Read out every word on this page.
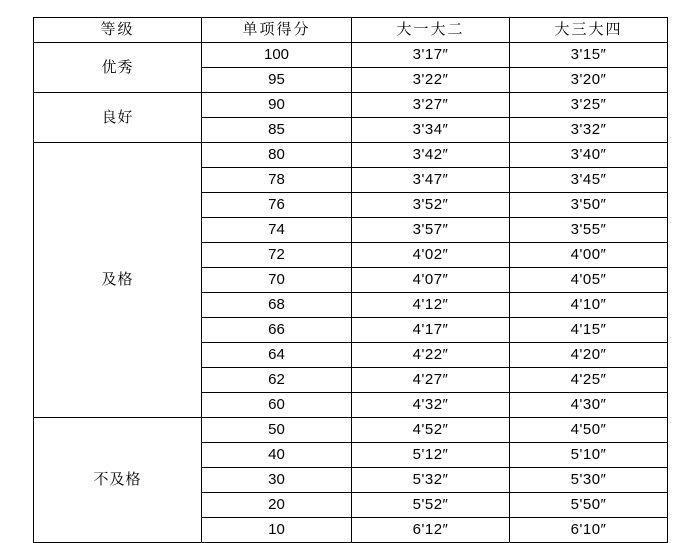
等级	单项得分	大一大二	大三大四
优秀	100	3'17″	3'15″
	95	3'22″	3'20″
良好	90	3'27″	3'25″
	85	3'34″	3'32″
及格	80	3'42″	3'40″
	78	3'47″	3'45″
	76	3'52″	3'50″
	74	3'57″	3'55″
	72	4'02″	4'00″
	70	4'07″	4'05″
	68	4'12″	4'10″
	66	4'17″	4'15″
	64	4'22″	4'20″
	62	4'27″	4'25″
	60	4'32″	4'30″
不及格	50	4'52″	4'50″
	40	5'12″	5'10″
	30	5'32″	5'30″
	20	5'52″	5'50″
	10	6'12″	6'10″
